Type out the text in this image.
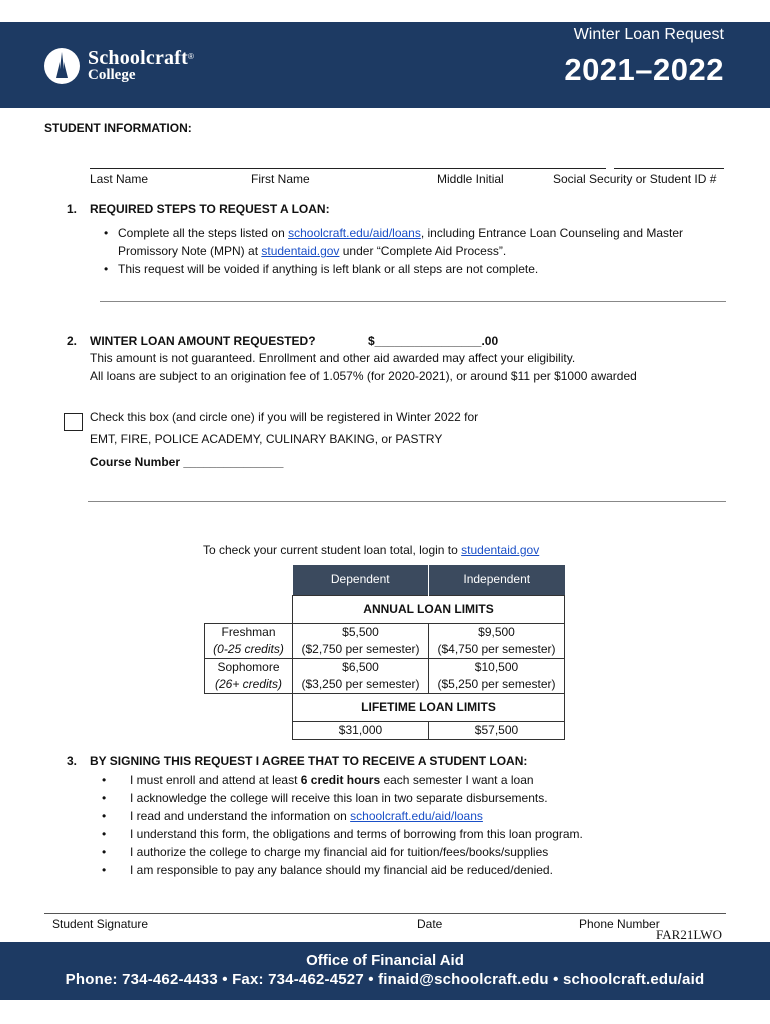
Schoolcraft®
College
Winter Loan Request
2021–2022
STUDENT INFORMATION:
Last Name	First Name	Middle Initial	Social Security or Student ID #
1. REQUIRED STEPS TO REQUEST A LOAN:
• Complete all the steps listed on schoolcraft.edu/aid/loans, including Entrance Loan Counseling and Master
Promissory Note (MPN) at studentaid.gov under “Complete Aid Process”.
• This request will be voided if anything is left blank or all steps are not complete.
2. WINTER LOAN AMOUNT REQUESTED?	$________________.00
This amount is not guaranteed. Enrollment and other aid awarded may affect your eligibility.
All loans are subject to an origination fee of 1.057% (for 2020-2021), or around $11 per $1000 awarded
Check this box (and circle one) if you will be registered in Winter 2022 for
EMT, FIRE, POLICE ACADEMY, CULINARY BAKING, or PASTRY
Course Number _______________
To check your current student loan total, login to studentaid.gov
	Dependent	Independent
	ANNUAL LOAN LIMITS	
Freshman	$5,500	$9,500
(0-25 credits)	($2,750 per semester)	($4,750 per semester)
Sophomore	$6,500	$10,500
(26+ credits)	($3,250 per semester)	($5,250 per semester)
	LIFETIME LOAN LIMITS	
	$31,000	$57,500
3. BY SIGNING THIS REQUEST I AGREE THAT TO RECEIVE A STUDENT LOAN:
• I must enroll and attend at least 6 credit hours each semester I want a loan
• I acknowledge the college will receive this loan in two separate disbursements.
• I read and understand the information on schoolcraft.edu/aid/loans
• I understand this form, the obligations and terms of borrowing from this loan program.
• I authorize the college to charge my financial aid for tuition/fees/books/supplies
• I am responsible to pay any balance should my financial aid be reduced/denied.
Student Signature	Date	Phone Number
FAR21LWO
Office of Financial Aid
Phone: 734-462-4433 • Fax: 734-462-4527 • finaid@schoolcraft.edu • schoolcraft.edu/aid
